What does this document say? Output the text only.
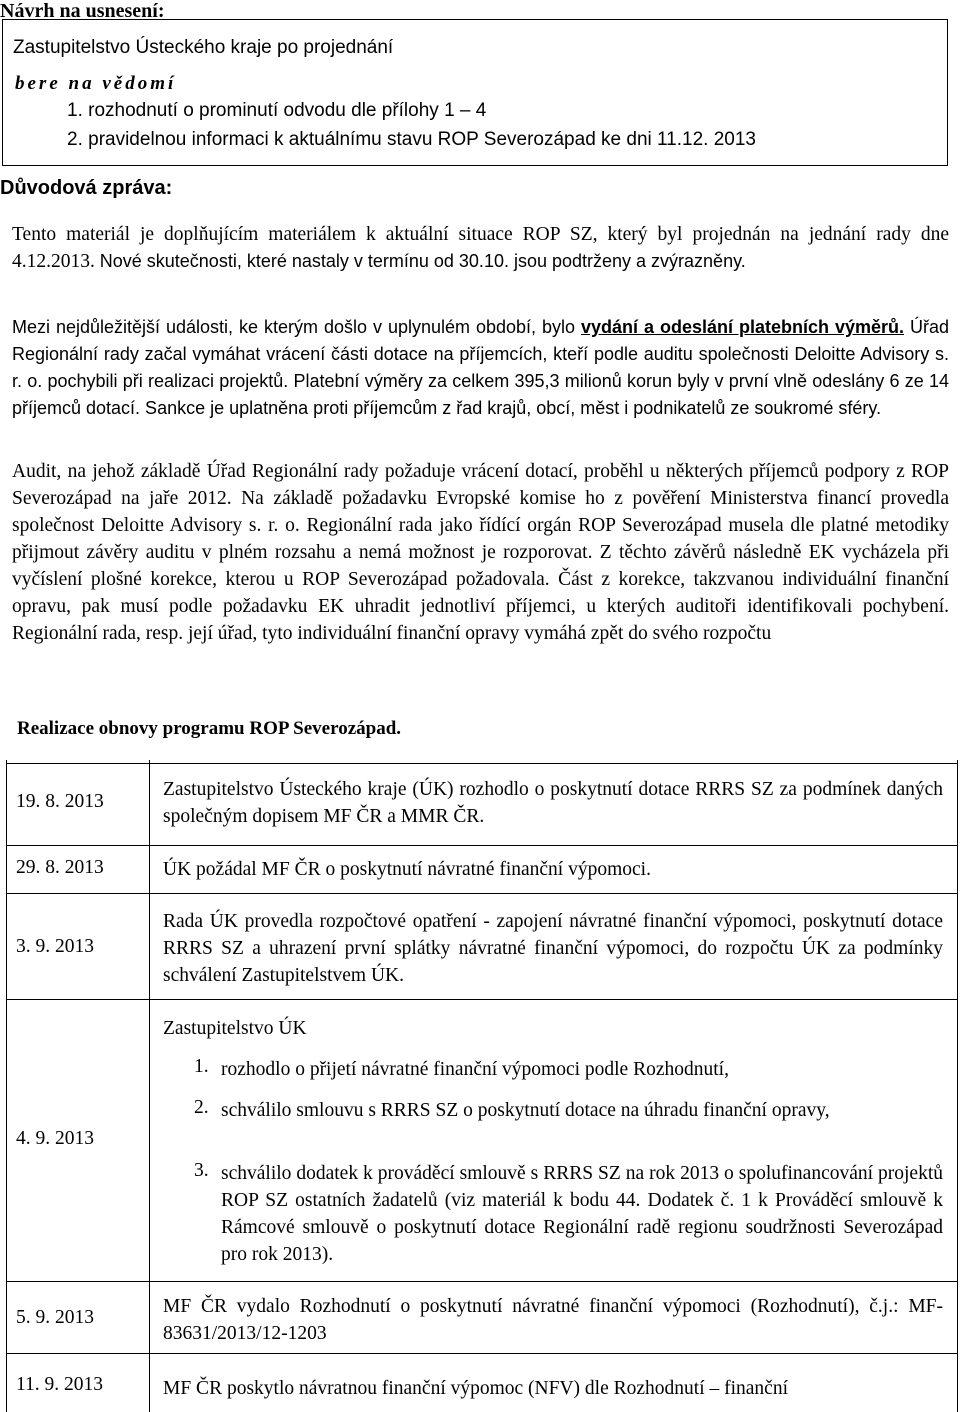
Návrh na usnesení:
Zastupitelstvo Ústeckého kraje po projednání
bere na vědomí
1. rozhodnutí o prominutí odvodu dle přílohy 1 – 4
2. pravidelnou informaci k aktuálnímu stavu ROP Severozápad ke dni 11.12. 2013
Důvodová zpráva:
Tento materiál je doplňujícím materiálem k aktuální situace ROP SZ, který byl projednán na jednání rady dne 4.12.2013. Nové skutečnosti, které nastaly v termínu od 30.10. jsou podtrženy a zvýrazněny.
Mezi nejdůležitější události, ke kterým došlo v uplynulém období, bylo vydání a odeslání platebních výměrů. Úřad Regionální rady začal vymáhat vrácení části dotace na příjemcích, kteří podle auditu společnosti Deloitte Advisory s. r. o. pochybili při realizaci projektů. Platební výměry za celkem 395,3 milionů korun byly v první vlně odeslány 6 ze 14 příjemců dotací. Sankce je uplatněna proti příjemcům z řad krajů, obcí, měst i podnikatelů ze soukromé sféry.
Audit, na jehož základě Úřad Regionální rady požaduje vrácení dotací, proběhl u některých příjemců podpory z ROP Severozápad na jaře 2012. Na základě požadavku Evropské komise ho z pověření Ministerstva financí provedla společnost Deloitte Advisory s. r. o. Regionální rada jako řídící orgán ROP Severozápad musela dle platné metodiky přijmout závěry auditu v plném rozsahu a nemá možnost je rozporovat. Z těchto závěrů následně EK vycházela při vyčíslení plošné korekce, kterou u ROP Severozápad požadovala. Část z korekce, takzvanou individuální finanční opravu, pak musí podle požadavku EK uhradit jednotliví příjemci, u kterých auditoři identifikovali pochybení. Regionální rada, resp. její úřad, tyto individuální finanční opravy vymáhá zpět do svého rozpočtu
Realizace obnovy programu ROP Severozápad.
19. 8. 2013
Zastupitelstvo Ústeckého kraje (ÚK) rozhodlo o poskytnutí dotace RRRS SZ za podmínek daných společným dopisem MF ČR a MMR ČR.
29. 8. 2013	ÚK požádal MF ČR o poskytnutí návratné finanční výpomoci.
3. 9. 2013
Rada ÚK provedla rozpočtové opatření - zapojení návratné finanční výpomoci, poskytnutí dotace RRRS SZ a uhrazení první splátky návratné finanční výpomoci, do rozpočtu ÚK za podmínky schválení Zastupitelstvem ÚK.
4. 9. 2013
Zastupitelstvo ÚK
1. rozhodlo o přijetí návratné finanční výpomoci podle Rozhodnutí,
2. schválilo smlouvu s RRRS SZ o poskytnutí dotace na úhradu finanční opravy,
3. schválilo dodatek k prováděcí smlouvě s RRRS SZ na rok 2013 o spolufinancování projektů ROP SZ ostatních žadatelů (viz materiál k bodu 44. Dodatek č. 1 k Prováděcí smlouvě k Rámcové smlouvě o poskytnutí dotace Regionální radě regionu soudržnosti Severozápad pro rok 2013).
5. 9. 2013
MF ČR vydalo Rozhodnutí o poskytnutí návratné finanční výpomoci (Rozhodnutí), č.j.: MF-83631/2013/12-1203
11. 9. 2013	MF ČR poskytlo návratnou finanční výpomoc (NFV) dle Rozhodnutí – finanční
